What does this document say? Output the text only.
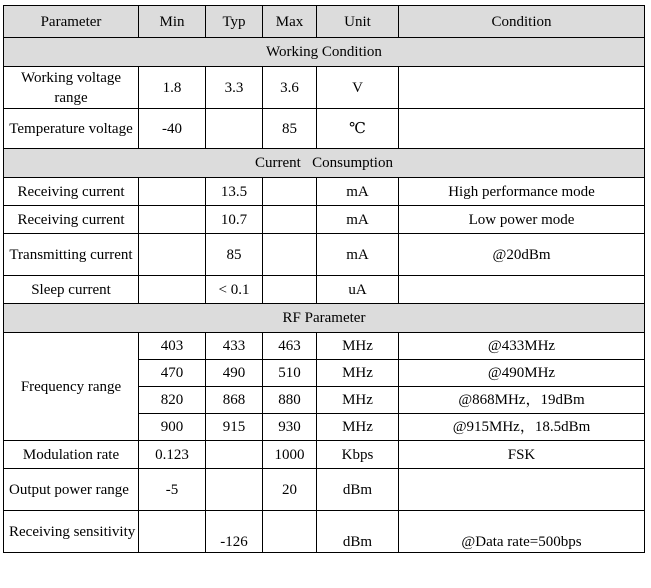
Parameter	Min	Typ	Max	Unit	Condition
Working Condition					
Working voltage range	1.8	3.3	3.6	V	
Temperature voltage	-40		85	℃	
Current   Consumption					
Receiving current		13.5		mA	High performance mode
Receiving current		10.7		mA	Low power mode
Transmitting current		85		mA	@20dBm
Sleep current		< 0.1		uA	
RF Parameter					
Frequency range	403	433	463	MHz	@433MHz
	470	490	510	MHz	@490MHz
	820	868	880	MHz	@868MHz，19dBm
	900	915	930	MHz	@915MHz，18.5dBm
Modulation rate	0.123		1000	Kbps	FSK
Output power range	-5		20	dBm	
Receiving sensitivity		-126		dBm	@Data rate=500bps
